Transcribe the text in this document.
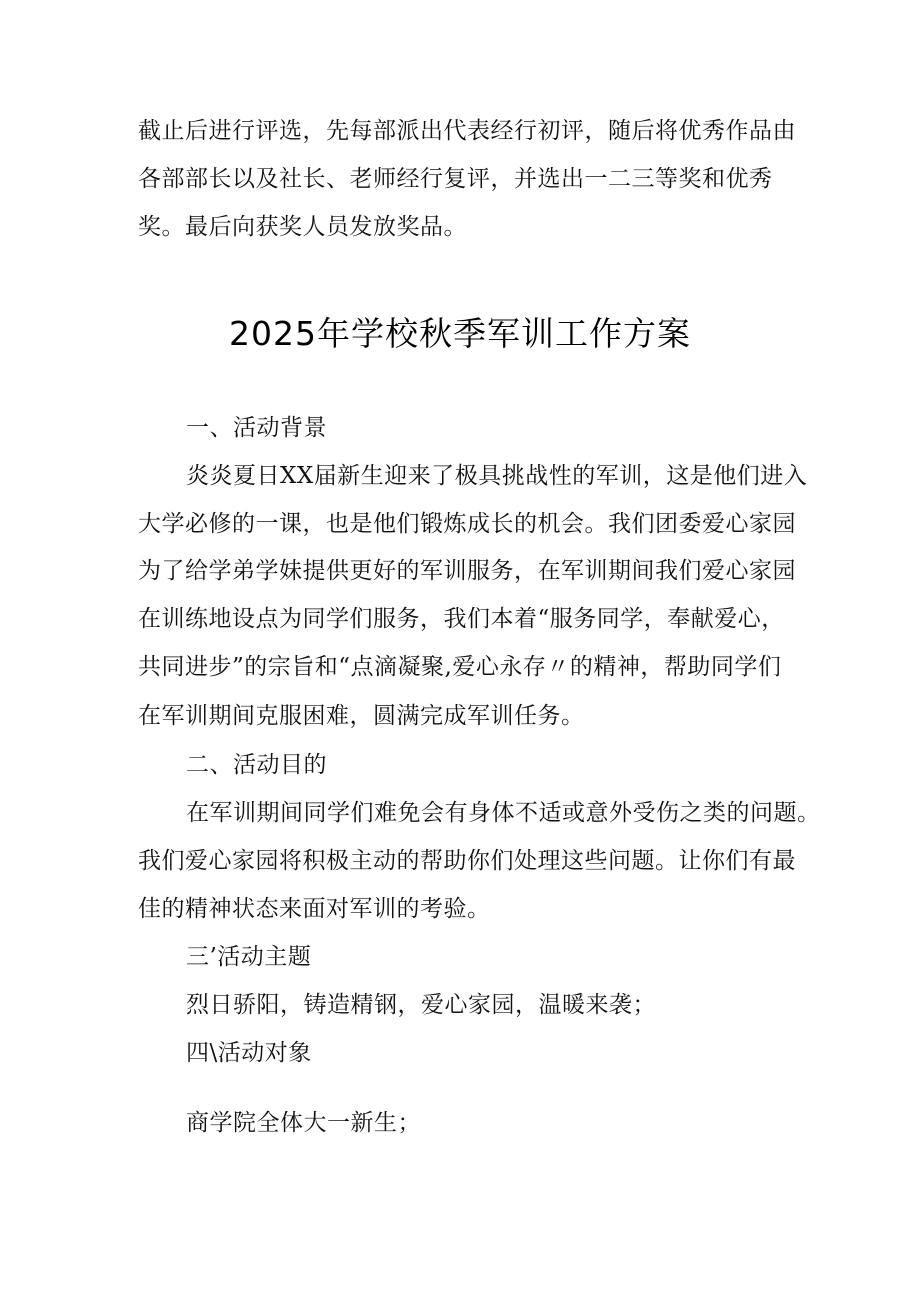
截止后进行评选，先每部派出代表经行初评，随后将优秀作品由
各部部长以及社长、老师经行复评，并选出一二三等奖和优秀
奖。最后向获奖人员发放奖品。
2025年学校秋季军训工作方案
一、活动背景
炎炎夏日XX届新生迎来了极具挑战性的军训，这是他们进入
大学必修的一课，也是他们锻炼成长的机会。我们团委爱心家园
为了给学弟学妹提供更好的军训服务，在军训期间我们爱心家园
在训练地设点为同学们服务，我们本着“服务同学，奉献爱心，
共同进步”的宗旨和“点滴凝聚,爱心永存〃的精神，帮助同学们
在军训期间克服困难，圆满完成军训任务。
二、活动目的
在军训期间同学们难免会有身体不适或意外受伤之类的问题。
我们爱心家园将积极主动的帮助你们处理这些问题。让你们有最
佳的精神状态来面对军训的考验。
三’活动主题
烈日骄阳，铸造精钢，爱心家园，温暖来袭；
四\活动对象
商学院全体大一新生；
